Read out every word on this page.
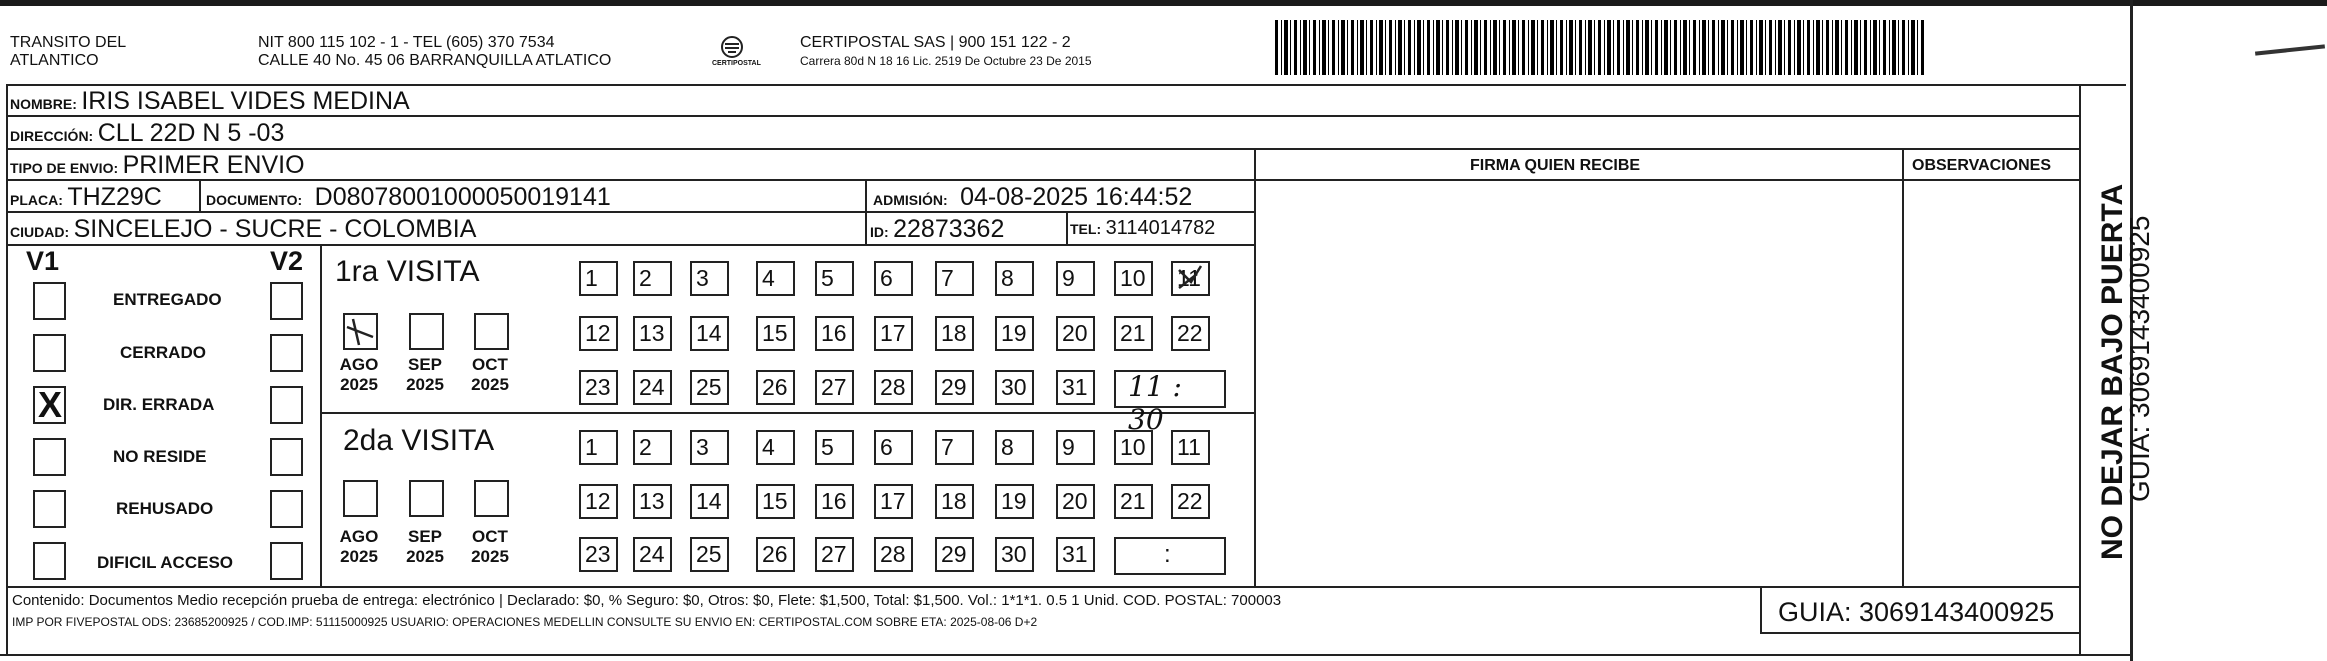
TRANSITO DEL
ATLANTICO
NIT 800 115 102 - 1 - TEL (605) 370 7534
CALLE 40 No. 45 06 BARRANQUILLA ATLATICO	CERTIPOSTAL
CERTIPOSTAL SAS | 900 151 122 - 2
Carrera 80d N 18 16 Lic. 2519 De Octubre 23 De 2015
NOMBRE: IRIS ISABEL VIDES MEDINA
DIRECCIÓN: CLL 22D N 5 -03
TIPO DE ENVIO: PRIMER ENVIO	FIRMA QUIEN RECIBE	OBSERVACIONES
PLACA: THZ29C	DOCUMENTO: D08078001000050019141	ADMISIÓN: 04-08-2025 16:44:52
CIUDAD: SINCELEJO - SUCRE - COLOMBIA	ID: 22873362	TEL: 3114014782
V1	V2
ENTREGADO
CERRADO
X DIR. ERRADA
NO RESIDE
REHUSADO
DIFICIL ACCESO
1ra VISITA
AGO
2025
SEP
2025
OCT
2025
1	2	3	4	5	6	7	8	9	10	11
12	13	14	15	16	17	18	19	20	21	22
23	24	25	26	27	28	29	30	31 11 : 30
2da VISITA
AGO
2025
SEP
2025
OCT
2025
1	2	3	4	5	6	7	8	9	10	11
12	13	14	15	16	17	18	19	20	21	22
23	24	25	26	27	28	29	30	31	:
Contenido: Documentos Medio recepción prueba de entrega: electrónico | Declarado: $0, % Seguro: $0, Otros: $0, Flete: $1,500, Total: $1,500. Vol.: 1*1*1. 0.5 1 Unid. COD. POSTAL: 700003
IMP POR FIVEPOSTAL ODS: 23685200925 / COD.IMP: 51115000925 USUARIO: OPERACIONES MEDELLIN CONSULTE SU ENVIO EN: CERTIPOSTAL.COM SOBRE ETA: 2025-08-06 D+2	GUIA: 3069143400925
NO DEJAR BAJO PUERTA
GUIA: 3069143400925
